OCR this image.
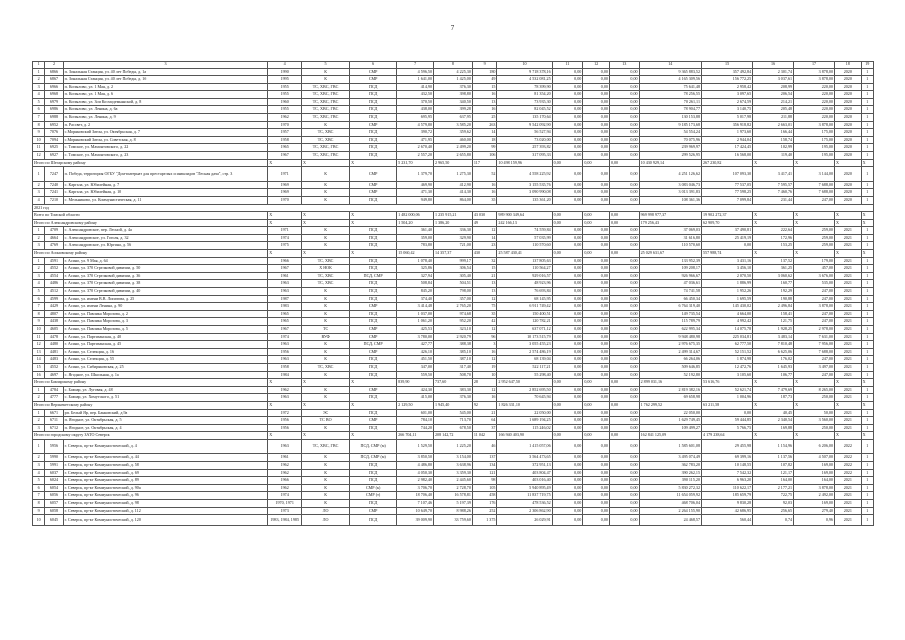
7
1	2	3	4	5	6	7	8	9	10	11	12	13	14	15	16	17	18	19
1	6866	п. Зональная Станция, ул. 40 лет Победы, д. 1а	1990	К	СМР	4 596,50	4 225,30	180	9 718 378,16	0,00	0,00	0,00	9 365 883,52	357 492,84	2 301,74	3 878,00	2020	1
2	6867	п. Зональная Станция, ул. 40 лет Победы, д. 1б	1995	К	СМР	1 641,00	1 425,00	49	4 532 081,25	0,00	0,00	0,00	4 165 309,56	156 772,25	3 037,61	3 878,00	2020	1
3	6966	п. Копылово, ул. 1 Мая, д. 2	1955	ТС, ХВС, ГВС	ПСД	414,90	376,30	15	78 399,90	0,00	0,00	0,00	75 641,48	2 958,42	208,99	220,00	2020	1
4	6968	п. Копылово, ул. 1 Мая, д. 6	1955	ТС, ХВС, ГВС	ПСД	432,50	398,80	16	81 354,20	0,00	0,00	0,00	78 256,55	3 097,65	206,54	220,00	2020	1
5	6979	п. Копылово, ул. Зои Космодемьянской, д. 8	1960	ТС, ХВС, ГВС	ПСД	370,50	340,50	13	73 935,30	0,00	0,00	0,00	70 261,11	2 674,59	214,21	220,00	2020	1
6	6986	п. Копылово, ул. Ленина, д. 6а	1955	ТС, ХВС, ГВС	ПСД	438,00	399,28	16	82 045,52	0,00	0,00	0,00	78 904,77	3 140,75	205,48	220,00	2020	1
7	6988	п. Копылово, ул. Ленина, д. 9	1962	ТС, ХВС, ГВС	ПСД	695,95	637,95	25	135 170,64	0,00	0,00	0,00	130 153,88	5 017,98	211,88	220,00	2020	1
8	6952	п. Рассвет, д. 2	1970	К	СМР	4 579,80	3 585,20	263	9 542 092,90	0,00	0,00	0,00	9 185 173,68	356 918,82	2 663,01	3 878,00	2020	1
9	7076	с.Моряковский Затон, ул. Октябрьская, д. 7	1957	ТС, ХВС	ПСД	390,72	359,62	14	56 527,94	0,00	0,00	0,00	54 554,24	1 973,60	166,44	175,00	2020	1
10	7094	с.Моряковский Затон, ул. Советская, д. 8	1958	ТС, ХВС	ПСД	471,95	460,00	18	73 020,00	0,00	0,00	0,00	70 075,96	2 944,04	158,74	175,00	2020	1
11	6925	с. Томское, ул. Мамонтовского, д. 22	1965	ТС, ХВС, ГВС	ПСД	2 670,40	2 499,20	99	257 393,82	0,00	0,00	0,00	239 969,97	17 424,45	102,99	195,00	2020	1
12	6927	с. Томское, ул. Мамонтовского, д. 23	1967	ТС, ХВС, ГВС	ПСД	2 557,20	2 655,80	106	317 095,33	0,00	0,00	0,00	299 526,95	16 568,00	119,40	195,00	2020	1
Итого по Шегарскому району			Х	Х	Х	5 231,70	2 965,50	117	10 498 159,96	0,00	0,00	0,00	10 430 929,14	267 230,82	Х	Х	Х	Х
1	7247	п. Победа, территория ОГБУ "Дом-интернат для престарелых и инвалидов "Лесная дача", стр. 3	1971	К	СМР	1 379,70	1 275,30	52	4 558 225,92	0,00	0,00	0,00	4 251 126,62	107 093,30	3 417,41	3 144,00	2020	1
2	7240	с. Каргала, ул. Юбилейная, д. 7	1969	К	СМР	469,90	412,90	16	3 155 535,76	0,00	0,00	0,00	3 083 046,73	77 537,05	7 595,57	7 688,00	2020	1
3	7241	с. Каргала, ул. Юбилейная, д. 10	1969	К	СМР	471,30	414,30	16	3 090 990,08	0,00	0,00	0,00	3 013 391,83	77 598,25	7 460,76	7 688,00	2020	1
4	7210	с. Мельниково, ул. Коммунистическая, д. 11	1970	К	ПСД	949,80	864,00	35	135 361,20	0,00	0,00	0,00	108 361,36	7 099,84	231,44	247,00	2020	1
2021 год																		
Всего по Томской области			Х	Х	Х	1 482 000,06	1 235 915,21	43 030	989 900 349,64	0,00	0,00	0,00	969 998 977,37	19 902 272,37	Х	Х	Х	Х
Итого по Александровскому району			Х	Х	Х	1 504,20	1 386,20	49	242 166,13	0,00	0,00	0,00	179 256,43	62 909,70	Х	Х	Х	Х
1	4709	с. Александровское, пер. Лесной, д. 4а	1971	К	ПСД	361,40	336,30	12	74 559,84	0,00	0,00	0,00	37 069,03	37 490,81	222,64	259,00	2021	1
2	4664	с. Александровское, ул. Гоголя, д. 32	1974	К	ПСД	359,00	329,90	14	57 035,99	0,00	0,00	0,00	31 616,80	25 419,19	172,96	259,00	2021	1
3	4769	с. Александровское, ул. Юргина, д. 56	1975	К	ПСД	783,80	721,00	23	110 570,60	0,00	0,00	0,00	110 570,60	0,00	153,25	259,00	2021	1
Итого по Асиновскому району			Х	Х	Х	15 060,42	14 357,37	430	25 587 430,41	0,00	0,00	0,00	25 029 631,67	557 988,74	Х	Х	Х	Х
1	4591	г. Асино, ул. 9 Мая, д. 64	1966	ТС, ХВС	ПСД	1 078,40	999,17	32	137 805,63	0,00	0,00	0,00	133 952,39	3 431,16	137,52	179,00	2021	1
2	4552	г. Асино, ул. 370 Стрелковой дивизии, д. 50	1967	Х НОК	ПСД	325,86	306,54	15	110 564,27	0,00	0,00	0,00	109 208,17	3 456,10	361,25	457,00	2021	1
3	4554	г. Асино, ул. 370 Стрелковой дивизии, д. 36	1961	ТС, ХВС	ПСД, СМР	327,94	305,40	21	929 016,57	0,00	0,00	0,00	926 966,67	2 070,50	3 060,62	3 676,00	2021	1
4	4486	г. Асино, ул. 370 Стрелковой дивизии, д. 38	1963	ТС, ХВС	ПСД	508,84	504,51	13	48 923,96	0,00	0,00	0,00	47 036,61	1 886,99	160,77	535,00	2021	1
5	4512	г. Асино, ул. 370 Стрелковой дивизии, д. 40	1963	К	ПСД	845,20	798,00	13	76 693,84	0,00	0,00	0,00	74 741,58	1 952,26	192,29	247,00	2021	1
6	4599	г. Асино, ул. имени В.В. Липатова, д. 25	1987	К	ПСД	374,40	357,00	12	68 145,95	0,00	0,00	0,00	66 450,34	1 695,59	190,88	247,00	2021	1
7	4429	г. Асино, ул. имени Ленина, д. 90	1983	К	СМР	3 414,48	2 765,20	75	6 911 749,42	0,00	0,00	0,00	6 764 319,40	145 430,02	2 496,84	3 878,00	2021	1
8	4807	г. Асино, ул. Павлика Морозова, д. 2	1965	К	ПСД	1 037,00	974,68	35	150 400,51	0,00	0,00	0,00	149 735,54	4 664,00	158,41	247,00	2021	1
9	4438	г. Асино, ул. Павлика Морозова, д. 3	1965	К	ПСД	1 061,20	952,20	42	120 782,21	0,00	0,00	0,00	115 789,79	4 992,42	121,75	247,00	2021	1
10	4605	г. Асино, ул. Павлика Морозова, д. 5	1967	ТС	СМР	425,53	323,10	12	637 071,12	0,00	0,00	0,00	622 995,34	14 075,78	1 928,25	2 978,00	2021	1
11	4478	г. Асино, ул. Партизанская, д. 40	1974	ВУФ	СМР	3 780,00	2 920,79	96	10 173 515,79	0,00	0,00	0,00	9 948 480,98	225 034,81	3 483,14	7 631,00	2021	1
12	4480	г. Асино, ул. Партизанская, д. 45	1963	К	ПСД, СМР	427,77	388,38	3	3 055 455,23	0,00	0,00	0,00	2 976 675,35	62 777,50	7 810,48	7 956,00	2021	1
13	4481	г. Асино, ул. Селекция, д. 16	1956	К	СМР	426,10	385,10	16	2 574 486,19	0,00	0,00	0,00	2 499 314,67	52 151,52	6 625,06	7 688,00	2021	1
14	4483	г. Асино, ул. Селекция, д. 55	1963	К	ПСД	451,50	387,10	12	68 139,04	0,00	0,00	0,00	66 264,06	1 874,98	176,02	247,00	2021	1
15	4552	г. Асино, ул. Сибиряковская, д. 25	1958	ТС, ХВС	ПСД	347,00	317,40	19	522 117,21	0,00	0,00	0,00	509 646,85	12 472,76	1 645,93	3 497,00	2021	1
16	4697	с. Ягодное, ул. Школьная, д. 1а	1984	К	ПСД	559,50	508,70	10	55 298,40	0,00	0,00	0,00	52 192,80	3 105,60	106,77	247,00	2021	1
Итого по Бакчарскому району			Х	Х	Х	839,90	737,60	28	2 952 647,50	0,00	0,00	0,00	2 899 031,16	53 616,76	Х	Х	Х	Х
1	4784	с. Бакчар, ул. Луговая, д. 48	1962	К	СМР	424,30	383,30	12	2 852 695,50	0,00	0,00	0,00	2 819 382,16	52 621,74	7 479,69	8 265,00	2021	1
2	4777	с. Бакчар, ул. Хомутского, д. 51	1963	К	ПСД	415,00	376,30	16	70 645,94	0,00	0,00	0,00	69 658,98	1 004,96	187,73	250,00	2021	1
Итого по Верхнекетскому району			Х	Х	Х	2 129,50	1 945,40	92	1 826 331,10	0,00	0,00	0,00	1 762 299,52	63 211,58	Х	Х	Х	Х
1	6671	рп. Белый Яр, пер. Банковский, д.9а	1972	ЭС	ПСД	601,00	545,00	21	22 050,00	0,00	0,00	0,00	22 050,00	0,00	40,45	50,00	2021	1
2	6711	п. Ягодное, ул. Октябрьская, д. 5	1956	ТС ВО	СМР	784,10	713,70	64	1 689 194,25	0,00	0,00	0,00	1 629 749,45	59 444,85	2 340,54	3 560,00	2021	1
3	6712	п. Ягодное, ул. Октябрьская, д. 4	1956	К	ПСД	744,20	678,50	37	115 246,02	0,00	0,00	0,00	109 499,27	5 766,75	169,88	250,00	2021	1
Итого по городскому округу ЗАТО Северск			Х	Х	Х	266 704,11	208 142,72	11 042	166 940 403,90	0,00	0,00	0,00	162 841 125,09	4 179 238,64	Х	Х	Х	Х
1	5956	г. Северск, пр-кт Коммунистический, д. 4	1963	ТС, ХВС, ГВС	ПСД, СМР (м)	1 529,50	1 225,20	46	1 415 057,06	0,00	0,00	0,00	1 585 601,08	29 455,98	1 154,96	6 206,00	2022	1
2	5990	г. Северск, пр-кт Коммунистический, д. 44	1961	К	ПСД, СМР (м)	3 850,50	3 154,00	137	3 564 473,65	0,00	0,00	0,00	3 495 074,49	69 399,16	1 137,56	4 507,00	2022	1
3	5991	г. Северск, пр-кт Коммунистический, д. 58	1962	К	ПСД	4 486,80	3 638,96	134	372 951,13	0,00	0,00	0,00	362 783,20	10 148,55	107,82	169,00	2022	1
4	6037	г. Северск, пр-кт Коммунистический, д. 69	1962	К	ПСД	4 050,30	3 359,30	121	403 804,47	0,00	0,00	0,00	390 262,15	7 542,32	121,17	169,00	2022	1
5	6024	г. Северск, пр-кт Коммунистический, д. 89	1966	К	ПСД	2 982,40	2 445,60	98	403 016,40	0,00	0,00	0,00	390 115,20	6 963,20	164,00	164,00	2021	1
6	6054	г. Северск, пр-кт Коммунистический, д. 90а	1962	К	СМР (к)	3 706,70	2 728,70	105	5 940 895,49	0,00	0,00	0,00	5 830 272,32	110 622,17	2 177,21	3 878,00	2021	1
7	6056	г. Северск, пр-кт Коммунистический, д. 96	1974	К	СМР (т)	18 706,40	16 578,81	458	11 837 719,75	0,00	0,00	0,00	11 654 059,92	185 659,79	722,75	2 492,00	2021	1
8	6057	г. Северск, пр-кт Коммунистический, д. 98	1970, 1971	К	ПСД	7 107,46	5 197,39	176	478 536,52	0,00	0,00	0,00	468 706,04	9 830,28	92,03	169,00	2021	1
9	6058	г. Северск, пр-кт Коммунистический, д. 112	1973	ЛО	СМР	10 649,70	8 988,26	252	2 306 862,90	0,00	0,00	0,00	2 264 155,90	42 686,95	256,65	279,40	2021	1
10	6045	г. Северск, пр-кт Коммунистический, д. 120	1983, 1984, 1985	ЛО	ПСД	39 009,90	33 759,60	1 375	26 029,91	0,00	0,00	0,00	24 468,57	560,44	0,74	0,96	2021	1
